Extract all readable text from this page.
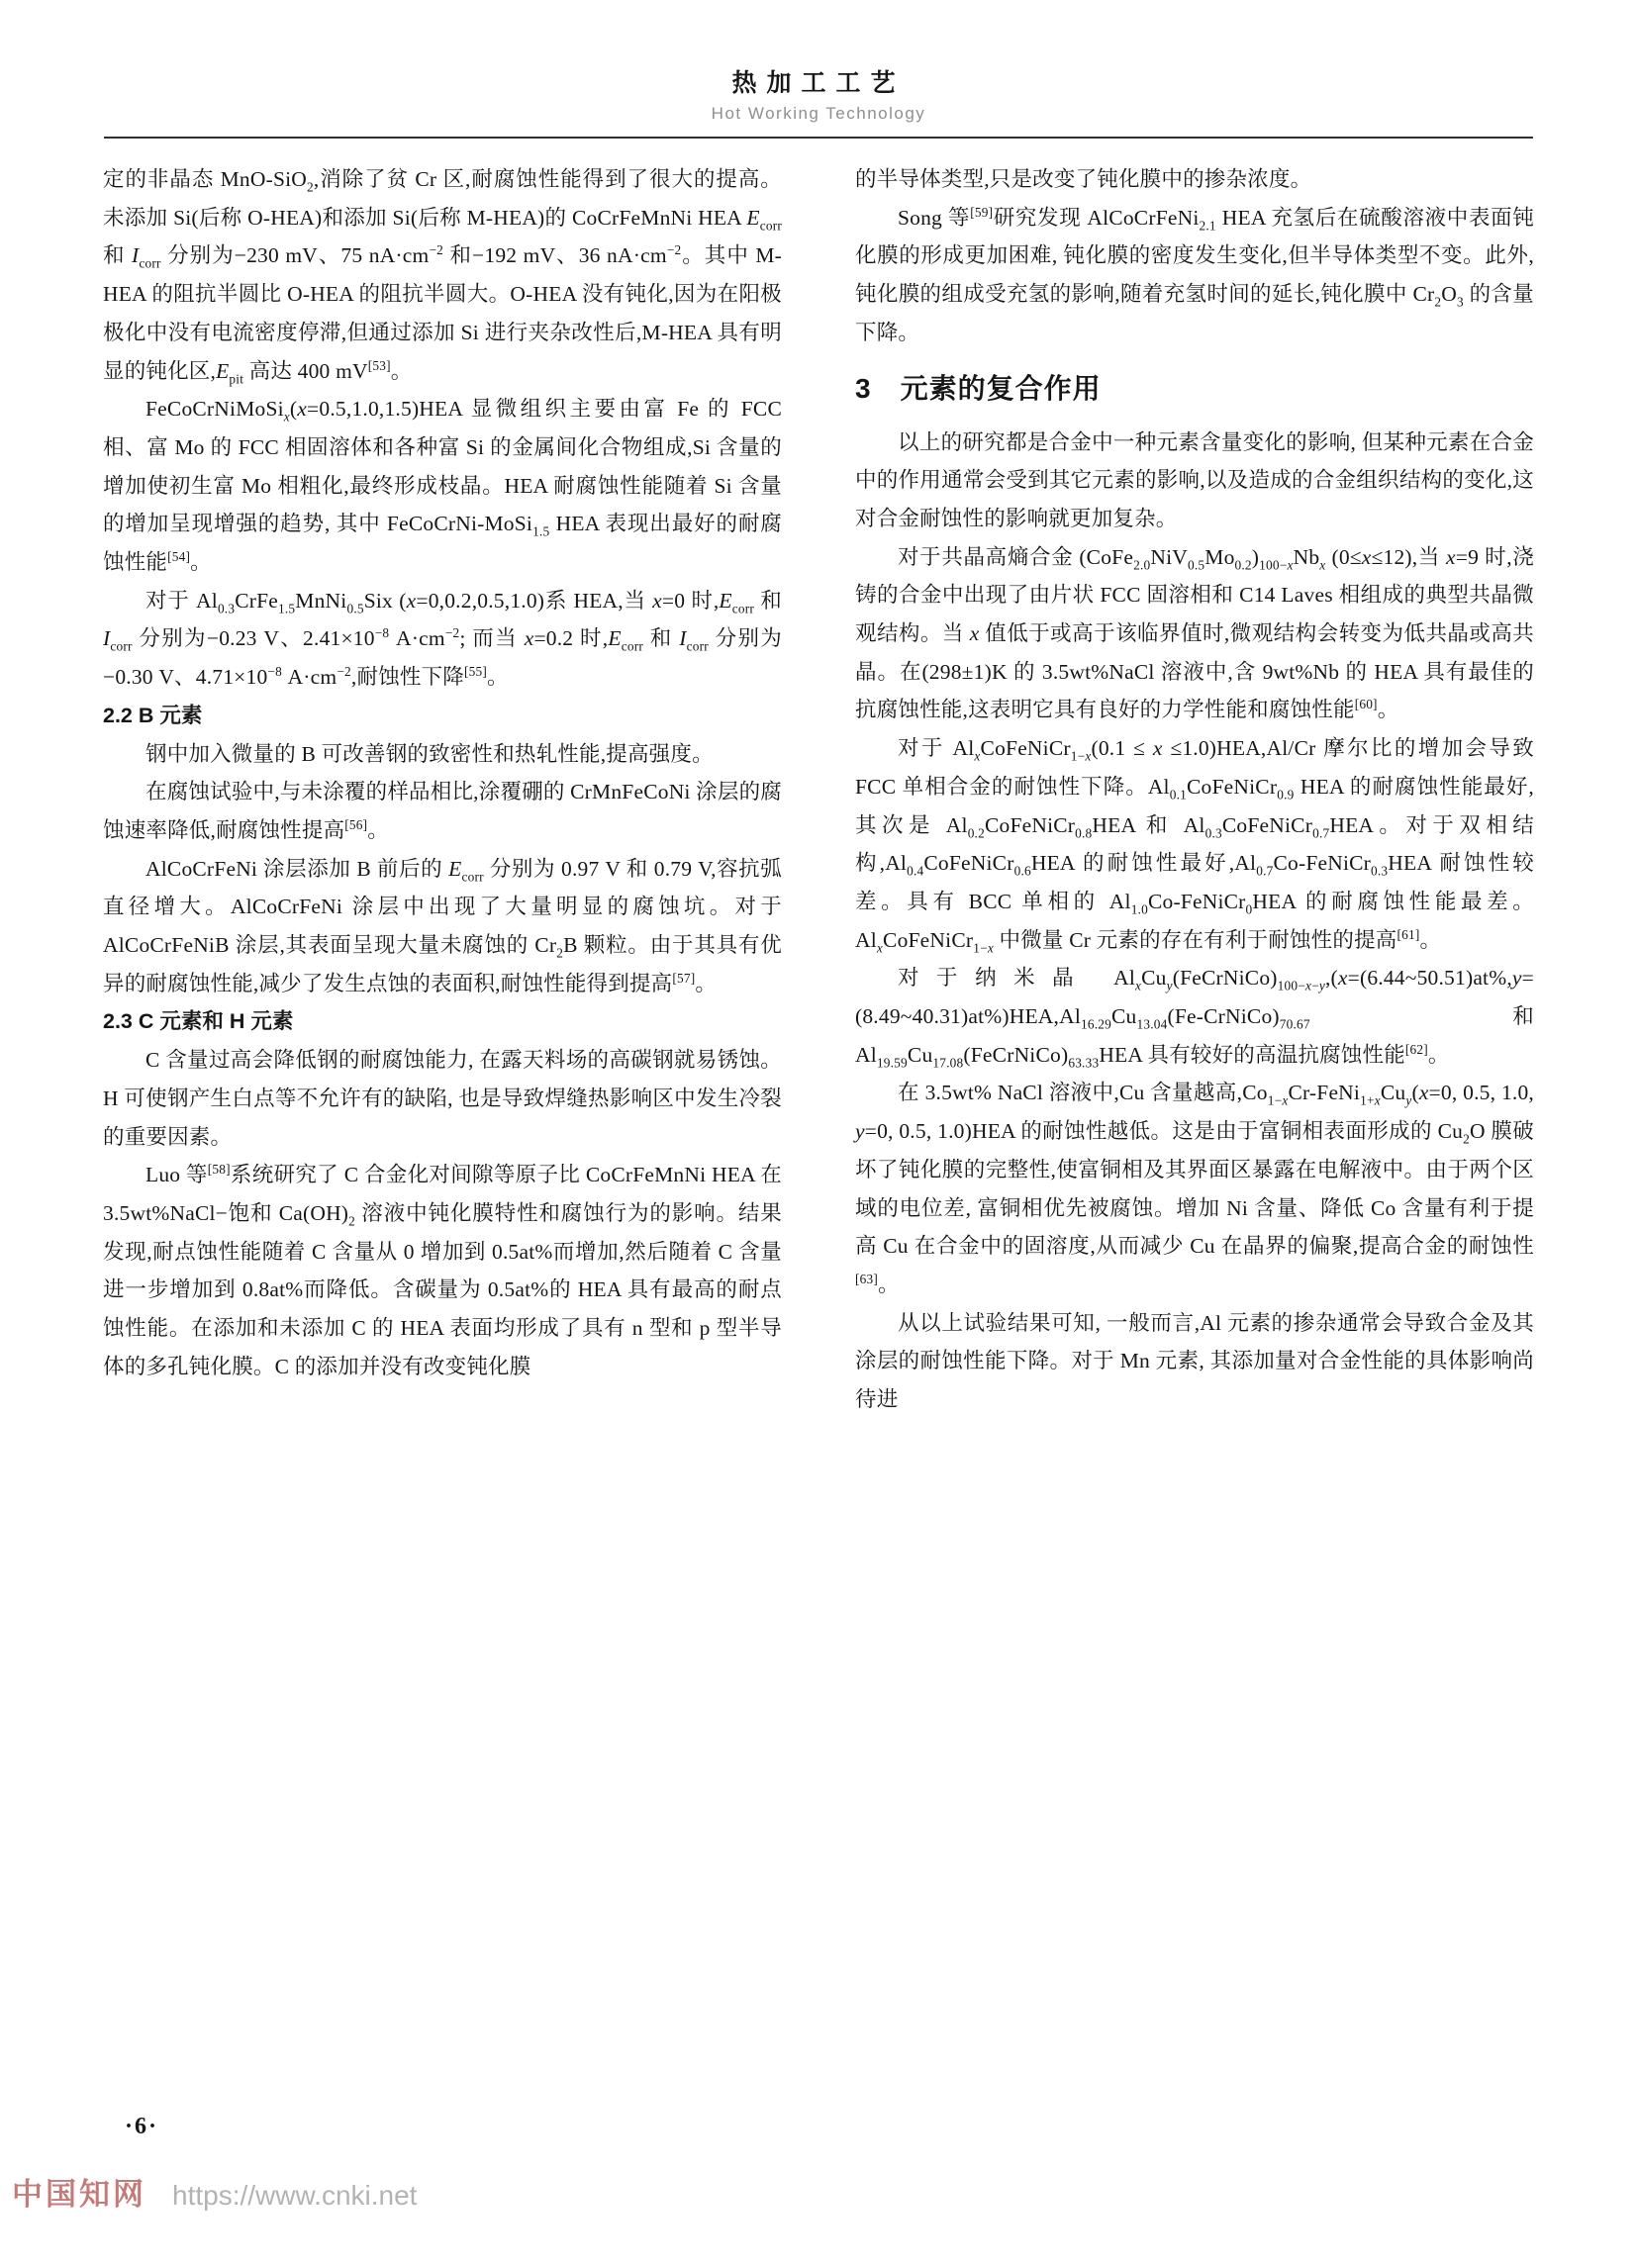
热加工工艺
Hot Working Technology

定的非晶态 MnO-SiO$_2$,消除了贫 Cr 区,耐腐蚀性能得到了很大的提高。未添加 Si(后称 O-HEA)和添加 Si(后称 M-HEA)的 CoCrFeMnNi HEA $E_{corr}$ 和 $I_{corr}$ 分别为−230 mV、75 $nA\cdot cm^{-2}$ 和−192 mV、36 $nA\cdot cm^{-2}$。其中 M-HEA 的阻抗半圆比 O-HEA 的阻抗半圆大。O-HEA 没有钝化,因为在阳极极化中没有电流密度停滞,但通过添加 Si 进行夹杂改性后,M-HEA 具有明显的钝化区$,E_{pit}$ 高达 400 mV[53]。

FeCoCrNiMoSi$_x$(x=0.5,1.0,1.5)HEA 显微组织主要由富 Fe 的 FCC 相、富 Mo 的 FCC 相固溶体和各种富 Si 的金属间化合物组成,Si 含量的增加使初生富 Mo 相粗化,最终形成枝晶。HEA 耐腐蚀性能随着 Si 含量的增加呈现增强的趋势, 其中 FeCoCrNi-MoSi$_{1.5}$ HEA 表现出最好的耐腐蚀性能[54]。

对于 $Al_{0.3}CrFe_{1.5}MnNi_{0.5}Six$ (x=0,0.2,0.5,1.0)系 HEA,当 x=0 时$,E_{corr}$ 和 $I_{corr}$ 分别为−0.23 V、$2.41\times 10^{-8}$ $A\cdot cm^{-2}$; 而当 x=0.2 时$,E_{corr}$ 和 $I_{corr}$ 分别为−0.30 V、$4.71\times 10^{-8}$ $A\cdot cm^{-2}$,耐蚀性下降[55]。

2.2 B 元素

钢中加入微量的 B 可改善钢的致密性和热轧性能,提高强度。

在腐蚀试验中,与未涂覆的样品相比,涂覆硼的 CrMnFeCoNi 涂层的腐蚀速率降低,耐腐蚀性提高[56]。

AlCoCrFeNi 涂层添加 B 前后的 $E_{corr}$ 分别为 0.97 V 和 0.79 V,容抗弧直径增大。AlCoCrFeNi 涂层中出现了大量明显的腐蚀坑。对于 AlCoCrFeNiB 涂层,其表面呈现大量未腐蚀的 $Cr_2B$ 颗粒。由于其具有优异的耐腐蚀性能,减少了发生点蚀的表面积,耐蚀性能得到提高[57]。

2.3 C 元素和 H 元素

C 含量过高会降低钢的耐腐蚀能力, 在露天料场的高碳钢就易锈蚀。H 可使钢产生白点等不允许有的缺陷, 也是导致焊缝热影响区中发生冷裂的重要因素。

Luo 等[58]系统研究了 C 合金化对间隙等原子比 CoCrFeMnNi HEA 在 3.5wt%NaCl−饱和 $Ca(OH)_2$ 溶液中钝化膜特性和腐蚀行为的影响。结果发现,耐点蚀性能随着 C 含量从 0 增加到 0.5at%而增加,然后随着 C 含量进一步增加到 0.8at%而降低。含碳量为 0.5at%的 HEA 具有最高的耐点蚀性能。在添加和未添加 C 的 HEA 表面均形成了具有 n 型和 p 型半导体的多孔钝化膜。C 的添加并没有改变钝化膜

的半导体类型,只是改变了钝化膜中的掺杂浓度。

Song 等[59]研究发现 AlCoCrFeNi$_{2.1}$ HEA 充氢后在硫酸溶液中表面钝化膜的形成更加困难, 钝化膜的密度发生变化,但半导体类型不变。此外,钝化膜的组成受充氢的影响,随着充氢时间的延长,钝化膜中 $Cr_2O_3$ 的含量下降。

3　元素的复合作用

以上的研究都是合金中一种元素含量变化的影响, 但某种元素在合金中的作用通常会受到其它元素的影响,以及造成的合金组织结构的变化,这对合金耐蚀性的影响就更加复杂。

对于共晶高熵合金 $(CoFe_{2.0}NiV_{0.5}Mo_{0.2})_{100-x}Nb_x$ (0≤x≤12),当 x=9 时,浇铸的合金中出现了由片状 FCC 固溶相和 C14 Laves 相组成的典型共晶微观结构。当 x 值低于或高于该临界值时,微观结构会转变为低共晶或高共晶。在(298±1)K 的 3.5wt%NaCl 溶液中,含 9wt%Nb 的 HEA 具有最佳的抗腐蚀性能,这表明它具有良好的力学性能和腐蚀性能[60]。

对于 $Al_xCoFeNiCr_{1-x}(0.1 \le x \le 1.0)HEA,Al/Cr$ 摩尔比的增加会导致 FCC 单相合金的耐蚀性下降。$Al_{0.1}CoFeNiCr_{0.9}$ HEA 的耐腐蚀性能最好, 其次是 $Al_{0.2}CoFeNiCr_{0.8}HEA$ 和 $Al_{0.3}CoFeNiCr_{0.7}HEA$。对于双相结构$,Al_{0.4}CoFeNiCr_{0.6}HEA$ 的耐蚀性最好$,Al_{0.7}Co-FeNiCr_{0.3}HEA$ 耐蚀性较差。具有 BCC 单相的 $Al_{1.0}Co-FeNiCr_0HEA$ 的耐腐蚀性能最差。$Al_xCoFeNiCr_{1-x}$ 中微量 Cr 元素的存在有利于耐蚀性的提高[61]。

对于纳米晶 $Al_xCu_y(FeCrNiCo)_{100-x-y},(x=(6.44\sim 50.51)at\%,y=(8.49\sim 40.31)at\%)HEA,Al_{16.29}Cu_{13.04}(Fe-CrNiCo)_{70.67}$ 和 $Al_{19.59}Cu_{17.08}(FeCrNiCo)_{63.33}HEA$ 具有较好的高温抗腐蚀性能[62]。

在 3.5wt% NaCl 溶液中,Cu 含量越高$,Co_{1-x}Cr-FeNi_{1+x}Cu_y(x=0$, 0.5, 1.0, y=0, 0.5, 1.0)HEA 的耐蚀性越低。这是由于富铜相表面形成的 $Cu_2O$ 膜破坏了钝化膜的完整性,使富铜相及其界面区暴露在电解液中。由于两个区域的电位差, 富铜相优先被腐蚀。增加 Ni 含量、降低 Co 含量有利于提高 Cu 在合金中的固溶度,从而减少 Cu 在晶界的偏聚,提高合金的耐蚀性[63]。

从以上试验结果可知, 一般而言,Al 元素的掺杂通常会导致合金及其涂层的耐蚀性能下降。对于 Mn 元素, 其添加量对合金性能的具体影响尚待进

·6·
中国知网 https://www.cnki.net
